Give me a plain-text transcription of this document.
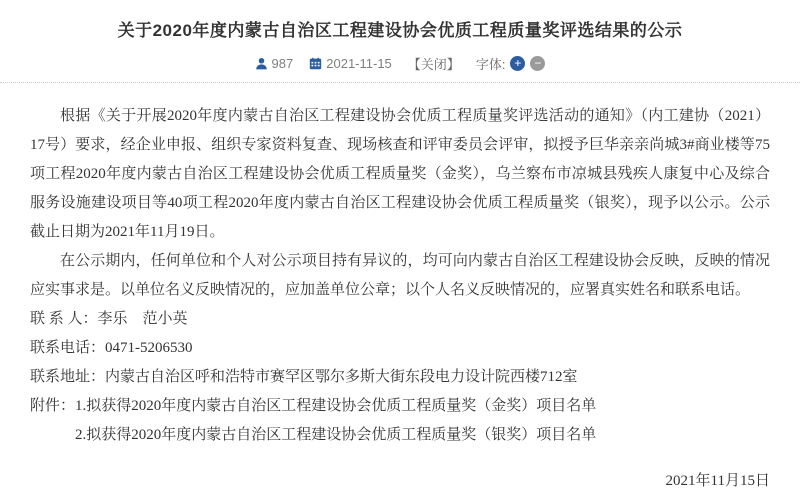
关于2020年度内蒙古自治区工程建设协会优质工程质量奖评选结果的公示
987	2021-11-15 【关闭】 字体: +	−

根据《关于开展2020年度内蒙古自治区工程建设协会优质工程质量奖评选活动的通知》（内工建协（2021）17号）要求，经企业申报、组织专家资料复查、现场核查和评审委员会评审，拟授予巨华亲亲尚城3#商业楼等75项工程2020年度内蒙古自治区工程建设协会优质工程质量奖（金奖），乌兰察布市凉城县残疾人康复中心及综合服务设施建设项目等40项工程2020年度内蒙古自治区工程建设协会优质工程质量奖（银奖），现予以公示。公示截止日期为2021年11月19日。

在公示期内，任何单位和个人对公示项目持有异议的，均可向内蒙古自治区工程建设协会反映，反映的情况应实事求是。以单位名义反映情况的，应加盖单位公章；以个人名义反映情况的，应署真实姓名和联系电话。

联 系 人：李乐　范小英

联系电话：0471-5206530

联系地址：内蒙古自治区呼和浩特市赛罕区鄂尔多斯大街东段电力设计院西楼712室

附件：1.拟获得2020年度内蒙古自治区工程建设协会优质工程质量奖（金奖）项目名单

2.拟获得2020年度内蒙古自治区工程建设协会优质工程质量奖（银奖）项目名单

2021年11月15日
